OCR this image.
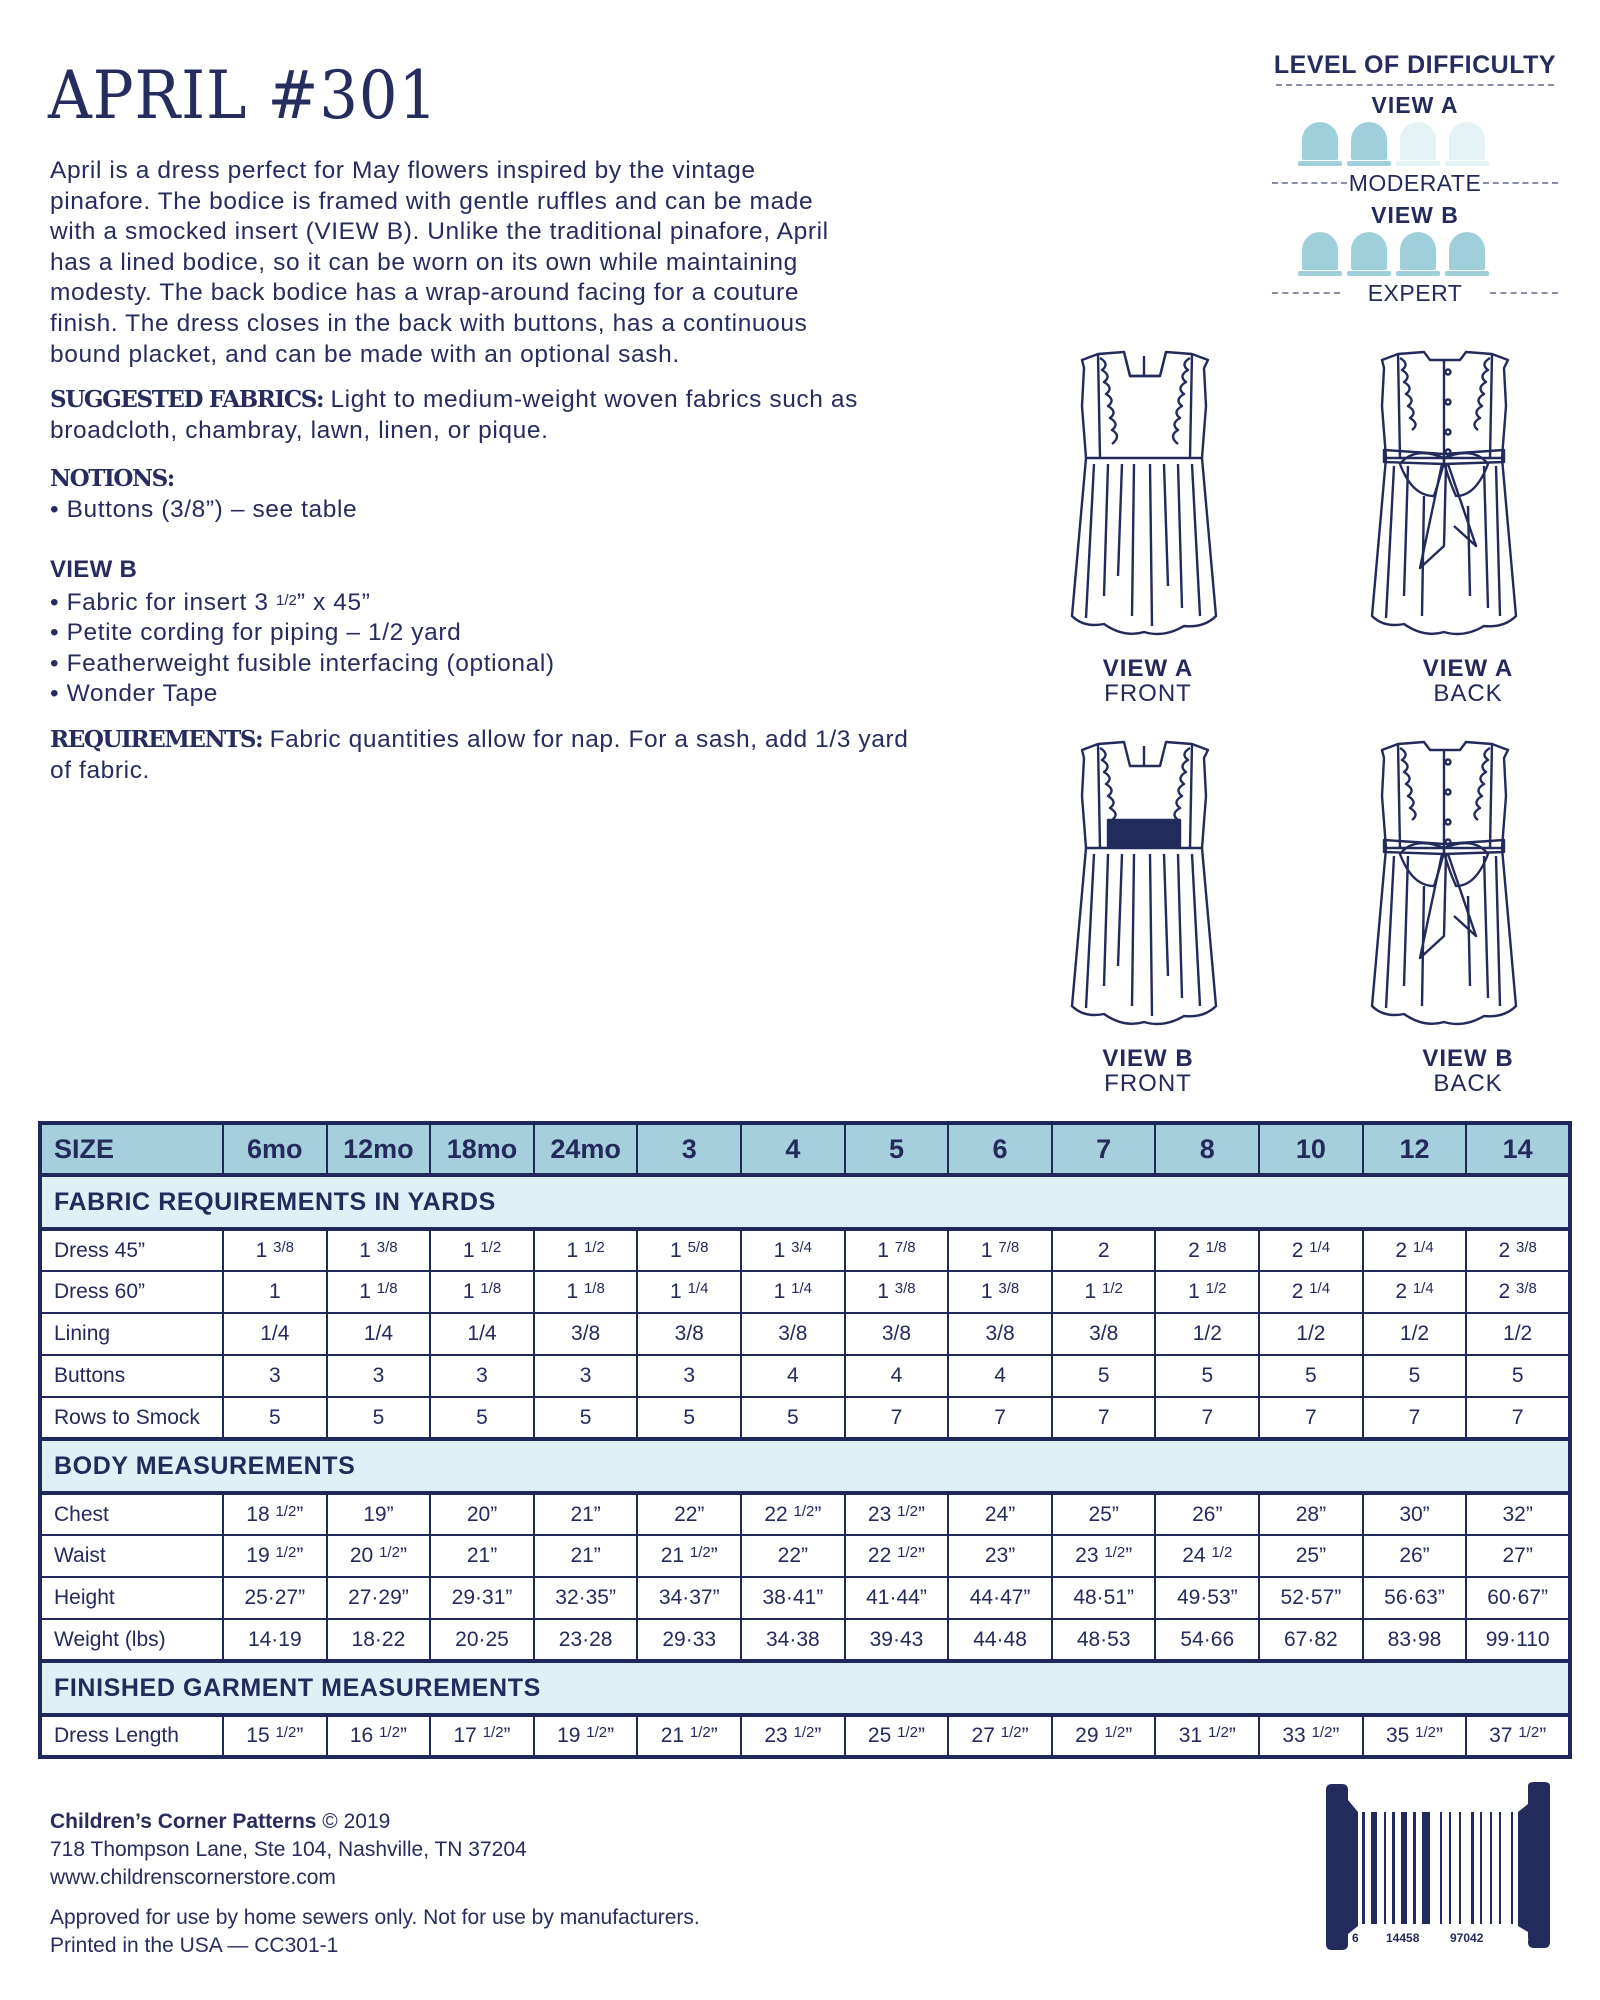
APRIL #301

April is a dress perfect for May flowers inspired by the vintage

pinafore. The bodice is framed with gentle ruffles and can be made

with a smocked insert (VIEW B). Unlike the traditional pinafore, April

has a lined bodice, so it can be worn on its own while maintaining

modesty. The back bodice has a wrap-around facing for a couture

finish. The dress closes in the back with buttons, has a continuous

bound placket, and can be made with an optional sash.

SUGGESTED FABRICS: Light to medium-weight woven fabrics such as

broadcloth, chambray, lawn, linen, or pique.

NOTIONS:

• Buttons (3/8”) – see table

VIEW B

• Fabric for insert 3 $^{1/2}$” x 45”

• Petite cording for piping – 1/2 yard

• Featherweight fusible interfacing (optional)

• Wonder Tape

REQUIREMENTS: Fabric quantities allow for nap. For a sash, add 1/3 yard

of fabric.

LEVEL OF DIFFICULTY
VIEW A
MODERATE
VIEW B
EXPERT
VIEW A
FRONT
VIEW A
BACK
VIEW B
FRONT
VIEW B
BACK
SIZE	6mo	12mo	18mo	24mo	3	4	5	6	7	8	10	12	14
FABRIC REQUIREMENTS IN YARDS													
Dress 45”	1 $^{3/8}$	1 $^{3/8}$	1 $^{1/2}$	1 $^{1/2}$	1 $^{5/8}$	1 $^{3/4}$	1 $^{7/8}$	1 $^{7/8}$	2	2 $^{1/8}$	2 $^{1/4}$	2 $^{1/4}$	2 $^{3/8}$
Dress 60”	1	1 $^{1/8}$	1 $^{1/8}$	1 $^{1/8}$	1 $^{1/4}$	1 $^{1/4}$	1 $^{3/8}$	1 $^{3/8}$	1 $^{1/2}$	1 $^{1/2}$	2 $^{1/4}$	2 $^{1/4}$	2 $^{3/8}$
Lining	1/4	1/4	1/4	3/8	3/8	3/8	3/8	3/8	3/8	1/2	1/2	1/2	1/2
Buttons	3	3	3	3	3	4	4	4	5	5	5	5	5
Rows to Smock	5	5	5	5	5	5	7	7	7	7	7	7	7
BODY MEASUREMENTS													
Chest	18 $^{1/2}$”	19”	20”	21”	22”	22 $^{1/2}$”	23 $^{1/2}$”	24”	25”	26”	28”	30”	32”
Waist	19 $^{1/2}$”	20 $^{1/2}$”	21”	21”	21 $^{1/2}$”	22”	22 $^{1/2}$”	23”	23 $^{1/2}$”	24 $^{1/2}$	25”	26”	27”
Height	25·27”	27·29”	29·31”	32·35”	34·37”	38·41”	41·44”	44·47”	48·51”	49·53”	52·57”	56·63”	60·67”
Weight (lbs)	14·19	18·22	20·25	23·28	29·33	34·38	39·43	44·48	48·53	54·66	67·82	83·98	99·110
FINISHED GARMENT MEASUREMENTS													
Dress Length	15 $^{1/2}$”	16 $^{1/2}$”	17 $^{1/2}$”	19 $^{1/2}$”	21 $^{1/2}$”	23 $^{1/2}$”	25 $^{1/2}$”	27 $^{1/2}$”	29 $^{1/2}$”	31 $^{1/2}$”	33 $^{1/2}$”	35 $^{1/2}$”	37 $^{1/2}$”
Children’s Corner Patterns © 2019
718 Thompson Lane, Ste 104, Nashville, TN 37204
www.childrenscornerstore.com
Approved for use by home sewers only. Not for use by manufacturers.
Printed in the USA — CC301-1	6 14458	97042	8
